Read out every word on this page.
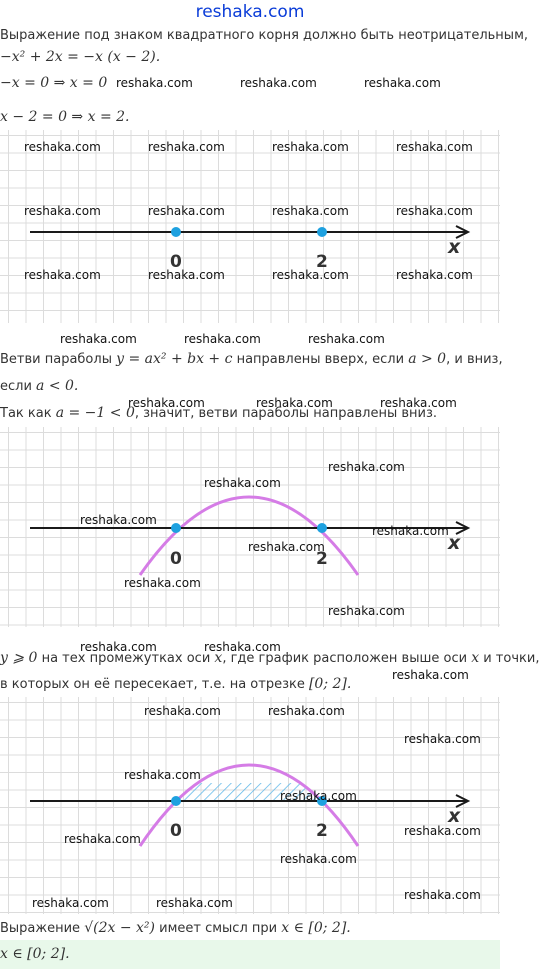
reshaka.com
Выражение под знаком квадратного корня должно быть неотрицательным,
−x² + 2x = −x (x − 2).
−x = 0 ⇒ x = 0
x − 2 = 0 ⇒ x = 2.
0	2
x
Ветви параболы y = ax² + bx + c направлены вверх, если a > 0, и вниз,
если a < 0.
Так как a = −1 < 0, значит, ветви параболы направлены вниз.
0	2
x
y ⩾ 0 на тех промежутках оси x, где график расположен выше оси x и точки,
в которых он её пересекает, т.е. на отрезке [0; 2].
0	2
x
Выражение √(2x − x²) имеет смысл при x ∈ [0; 2].
x ∈ [0; 2].
reshaka.com	reshaka.com	reshaka.com
reshaka.com	reshaka.com	reshaka.com	reshaka.com
reshaka.com	reshaka.com	reshaka.com	reshaka.com
reshaka.com	reshaka.com	reshaka.com	reshaka.com
reshaka.com	reshaka.com	reshaka.com
reshaka.com	reshaka.com	reshaka.com
reshaka.com
reshaka.com
reshaka.com
reshaka.com
reshaka.com
reshaka.com
reshaka.com
reshaka.com	reshaka.com
reshaka.com
reshaka.com	reshaka.com
reshaka.com
reshaka.com
reshaka.com
reshaka.com
reshaka.com
reshaka.com
reshaka.com
reshaka.com	reshaka.com
